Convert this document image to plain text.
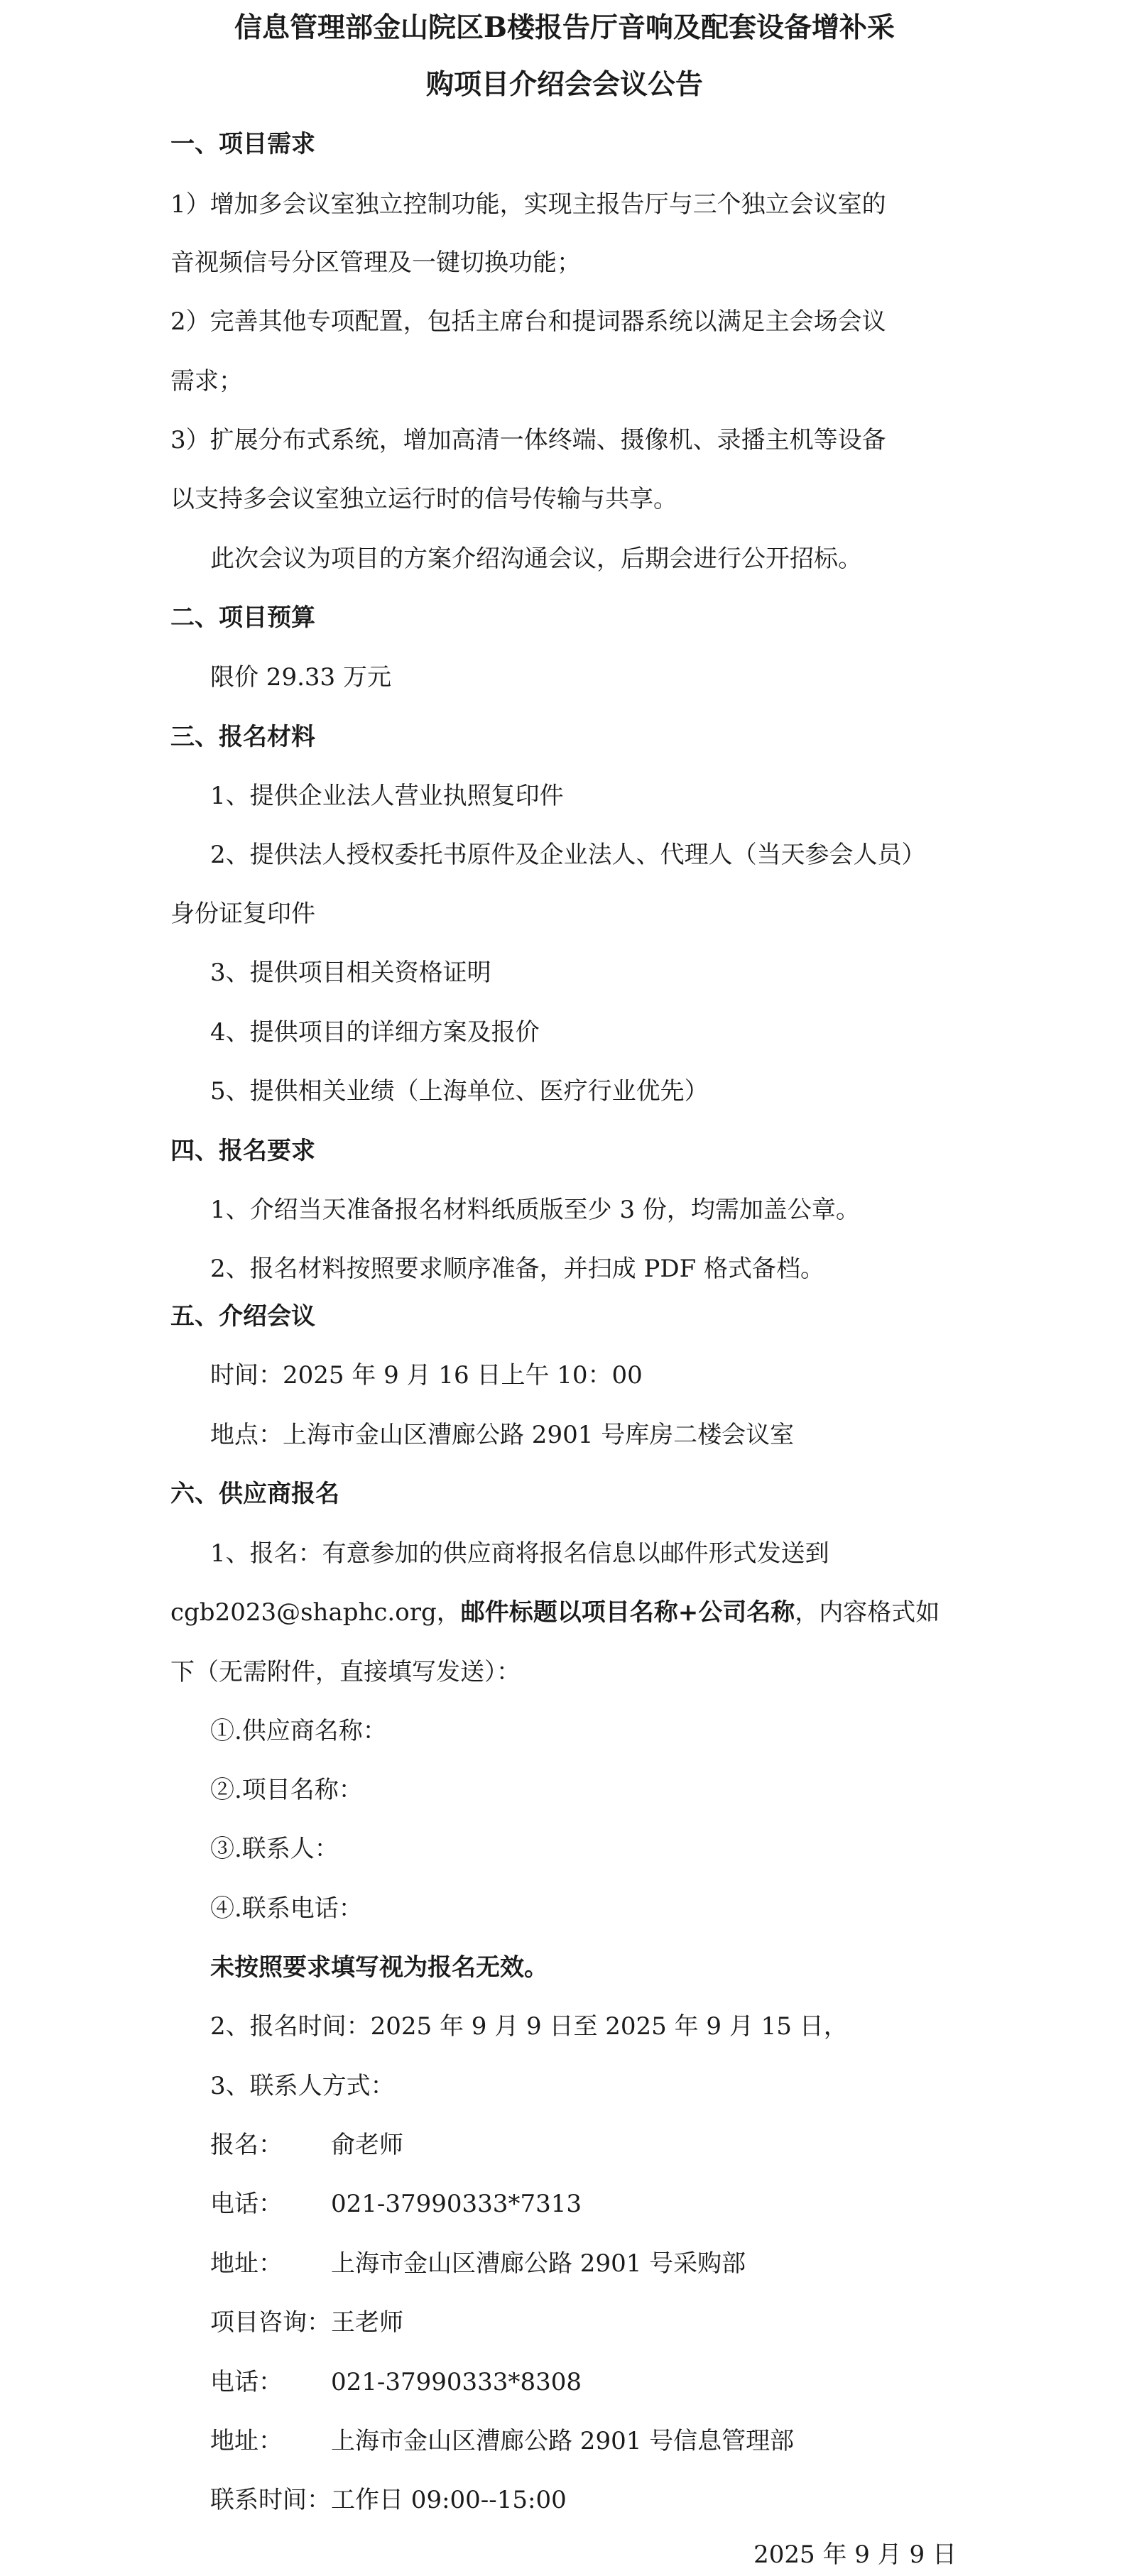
信息管理部金山院区B楼报告厅音响及配套设备增补采
购项目介绍会会议公告
一、项目需求
1）增加多会议室独立控制功能，实现主报告厅与三个独立会议室的
音视频信号分区管理及一键切换功能；
2）完善其他专项配置，包括主席台和提词器系统以满足主会场会议
需求；
3）扩展分布式系统，增加高清一体终端、摄像机、录播主机等设备
以支持多会议室独立运行时的信号传输与共享。
此次会议为项目的方案介绍沟通会议，后期会进行公开招标。
二、项目预算
限价 29.33 万元
三、报名材料
1、提供企业法人营业执照复印件
2、提供法人授权委托书原件及企业法人、代理人（当天参会人员）
身份证复印件
3、提供项目相关资格证明
4、提供项目的详细方案及报价
5、提供相关业绩（上海单位、医疗行业优先）
四、报名要求
1、介绍当天准备报名材料纸质版至少 3 份，均需加盖公章。
2、报名材料按照要求顺序准备，并扫成 PDF 格式备档。
五、介绍会议
时间：2025 年 9 月 16 日上午 10：00
地点：上海市金山区漕廊公路 2901 号库房二楼会议室
六、供应商报名
1、报名：有意参加的供应商将报名信息以邮件形式发送到
cgb2023@shaphc.org，邮件标题以项目名称+公司名称，内容格式如
下（无需附件，直接填写发送）：
①.供应商名称：
②.项目名称：
③.联系人：
④.联系电话：
未按照要求填写视为报名无效。
2、报名时间：2025 年 9 月 9 日至 2025 年 9 月 15 日，
3、联系人方式：
报名： 俞老师
电话： 021-37990333*7313
地址： 上海市金山区漕廊公路 2901 号采购部
项目咨询：王老师
电话： 021-37990333*8308
地址： 上海市金山区漕廊公路 2901 号信息管理部
联系时间：工作日 09:00--15:00
2025 年 9 月 9 日
